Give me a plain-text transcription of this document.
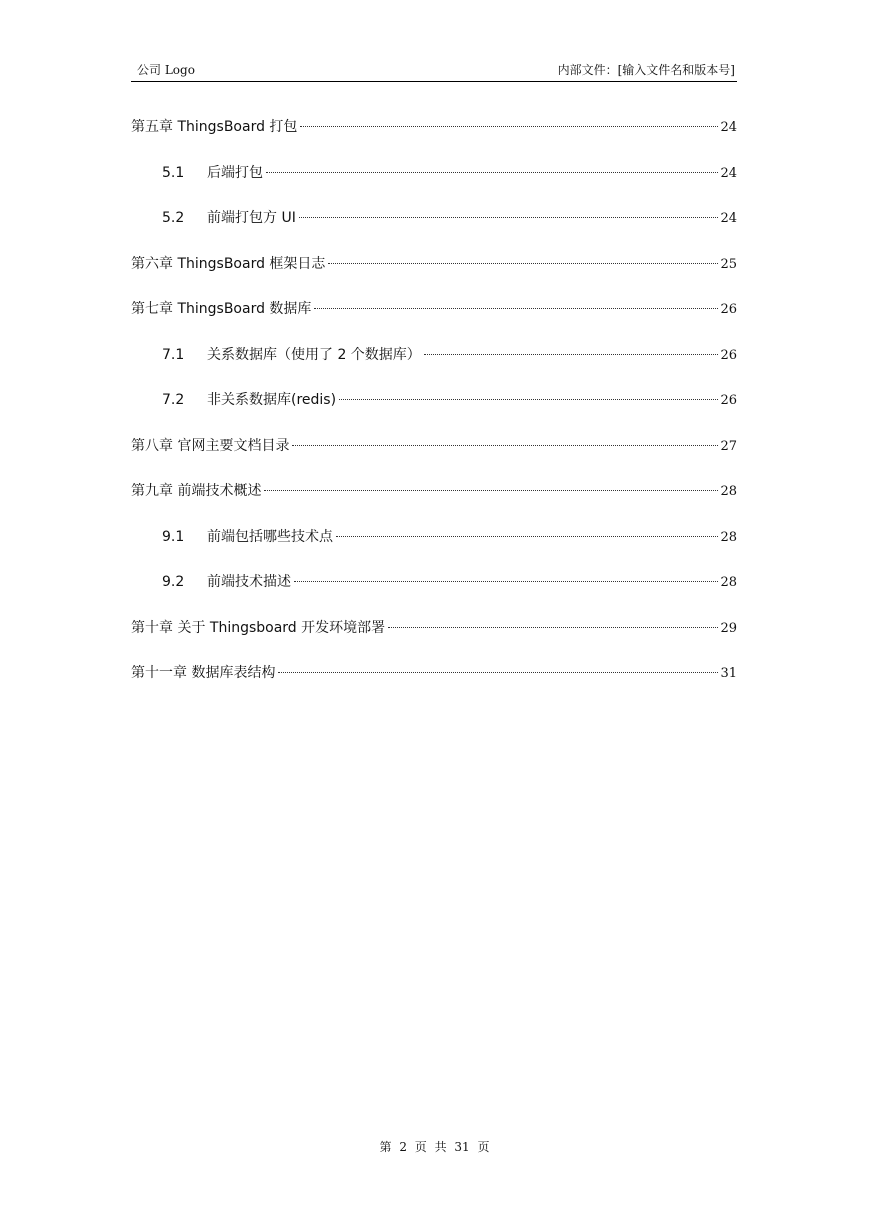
公司 Logo	内部文件：[输入文件名和版本号]
第五章 ThingsBoard 打包	24
5.1	后端打包	24
5.2	前端打包方 UI	24
第六章 ThingsBoard 框架日志	25
第七章 ThingsBoard 数据库	26
7.1	关系数据库（使用了 2 个数据库）	26
7.2	非关系数据库(redis)	26
第八章 官网主要文档目录	27
第九章 前端技术概述	28
9.1	前端包括哪些技术点	28
9.2	前端技术描述	28
第十章 关于 Thingsboard 开发环境部署	29
第十一章 数据库表结构	31
第 2 页 共 31 页
